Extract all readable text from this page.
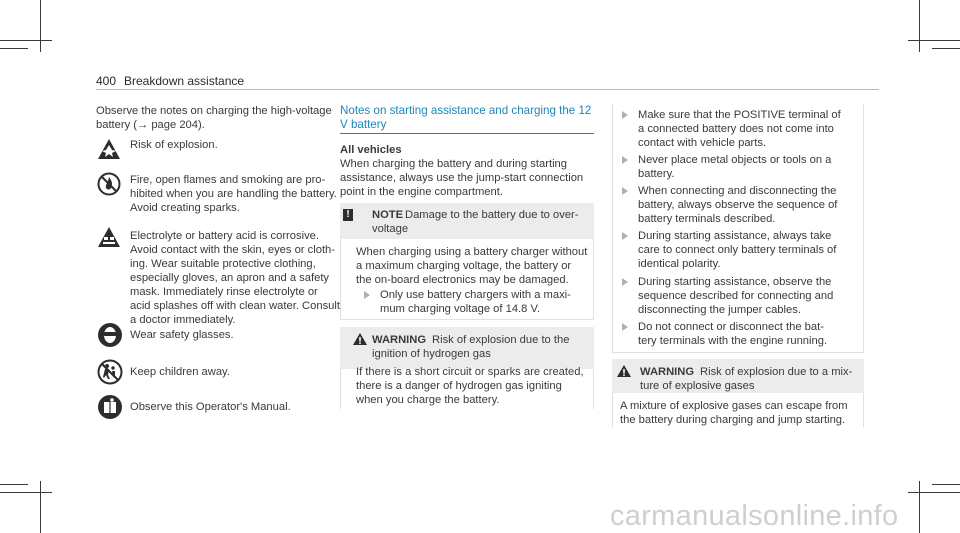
400 Breakdown assistance
Observe the notes on charging the high-voltage
battery (→ page 204).
Risk of explosion.
Fire, open flames and smoking are pro-
hibited when you are handling the battery.
Avoid creating sparks.
Electrolyte or battery acid is corrosive.
Avoid contact with the skin, eyes or cloth-
ing. Wear suitable protective clothing,
especially gloves, an apron and a safety
mask. Immediately rinse electrolyte or
acid splashes off with clean water. Consult
a doctor immediately.
Wear safety glasses.
Keep children away.
Observe this Operator's Manual.
Notes on starting assistance and charging the 12
V battery
All vehicles
When charging the battery and during starting
assistance, always use the jump-start connection
point in the engine compartment.
! NOTE Damage to the battery due to over-
voltage
When charging using a battery charger without
a maximum charging voltage, the battery or
the on-board electronics may be damaged.
Only use battery chargers with a maxi-
mum charging voltage of 14.8 V.
WARNING Risk of explosion due to the
ignition of hydrogen gas
If there is a short circuit or sparks are created,
there is a danger of hydrogen gas igniting
when you charge the battery.
Make sure that the POSITIVE terminal of
a connected battery does not come into
contact with vehicle parts.
Never place metal objects or tools on a
battery.
When connecting and disconnecting the
battery, always observe the sequence of
battery terminals described.
During starting assistance, always take
care to connect only battery terminals of
identical polarity.
During starting assistance, observe the
sequence described for connecting and
disconnecting the jumper cables.
Do not connect or disconnect the bat-
tery terminals with the engine running.
WARNING Risk of explosion due to a mix-
ture of explosive gases
A mixture of explosive gases can escape from
the battery during charging and jump starting.
carmanualsonline.info
